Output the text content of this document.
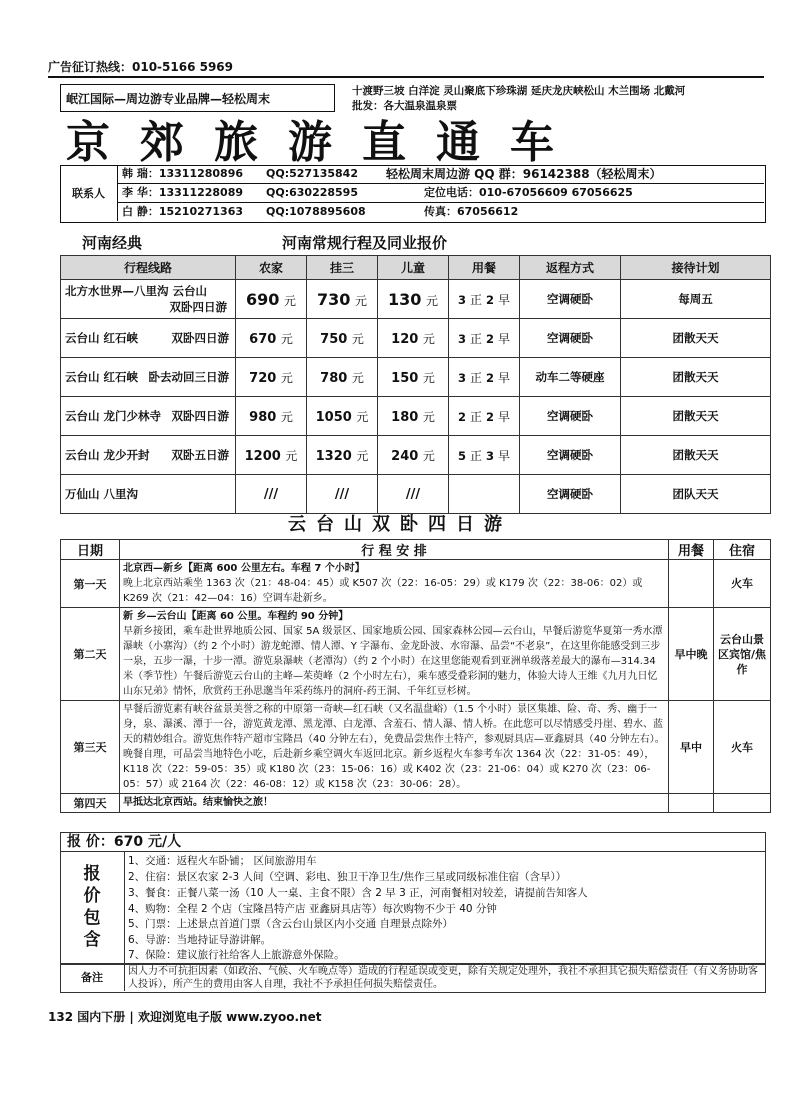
广告征订热线：010-5166 5969
岷江国际—周边游专业品牌—轻松周末
十渡野三坡 白洋淀 灵山聚底下珍珠湖 延庆龙庆峡松山 木兰围场 北戴河
批发：各大温泉温泉票
京郊旅游直通车
联系人
韩 瑞：13311280896 QQ:527135842 轻松周末周边游 QQ 群：96142388（轻松周末）
李 华：13311228089 QQ:630228595	定位电话：010-67056609 67056625
白 静：15210271363 QQ:1078895608	传真：67056612
河南经典	河南常规行程及同业报价
行程线路	农家	挂三	儿童	用餐	返程方式	接待计划

北方水世界—八里沟 云台山
双卧四日游	690 元	730 元	130 元	3 正 2 早	空调硬卧	每周五
云台山 红石峡 双卧四日游	670 元	750 元	120 元	3 正 2 早	空调硬卧	团散天天
云台山 红石峡 卧去动回三日游	720 元	780 元	150 元	3 正 2 早	动车二等硬座	团散天天
云台山 龙门少林寺 双卧四日游	980 元	1050 元	180 元	2 正 2 早	空调硬卧	团散天天
云台山 龙少开封 双卧五日游	1200 元	1320 元	240 元	5 正 3 早	空调硬卧	团散天天
万仙山 八里沟	///	///	///		空调硬卧	团队天天
云台山双卧四日游
日期	行 程 安 排	用餐	住宿
第一天	北京西—新乡【距离 600 公里左右。车程 7 个小时】
晚上北京西站乘坐 1363 次（21：48-04：45）或 K507 次（22：16-05：29）或 K179 次（22：38-06：02）或 K269 次（21：42—04：16）空调车赴新乡。		火车
第二天	新 乡—云台山【距离 60 公里。车程约 90 分钟】
早新乡接团，乘车赴世界地质公园、国家 5A 级景区、国家地质公园、国家森林公园—云台山，早餐后游览华夏第一秀水潭瀑峡（小寨沟）（约 2 个小时）游龙蛇潭、情人潭、Y 字瀑布、金龙卧波、水帘瀑、品尝“不老泉”，在这里你能感受到三步一泉，五步一瀑，十步一潭。游览泉瀑峡（老潭沟）（约 2 个小时）在这里您能观看到亚洲单级落差最大的瀑布—314.34 米（季节性）午餐后游览云台山的主峰—茱萸峰（2 个小时左右），乘车感受叠彩洞的魅力，体验大诗人王维《九月九日忆山东兄弟》情怀，欣赏药王孙思邈当年采药练丹的洞府-药王洞、千年红豆杉树。	早中晚	云台山景区宾馆/焦作
第三天	早餐后游览素有峡谷盆景美誉之称的中原第一奇峡—红石峡（又名温盘峪）（1.5 个小时）景区集雄、险、奇、秀、幽于一身，泉、瀑溪、潭于一谷，游览黄龙潭、黑龙潭、白龙潭、含羞石、情人瀑、情人桥。在此您可以尽情感受丹崖、碧水、蓝天的精妙组合。游览焦作特产超市宝隆昌（40 分钟左右），免费品尝焦作土特产，参观厨具店—亚鑫厨具（40 分钟左右）。晚餐自理，可品尝当地特色小吃，后赴新乡乘空调火车返回北京。新乡返程火车参考车次 1364 次（22：31-05：49），K118 次（22：59-05：35）或 K180 次（23：15-06：16）或 K402 次（23：21-06：04）或 K270 次（23：06-05：57）或 2164 次（22：46-08：12）或 K158 次（23：30-06：28）。	早中	火车
第四天	早抵达北京西站。结束愉快之旅！		

报 价：670 元/人
报
价
包
含
1、交通：返程火车卧铺； 区间旅游用车
2、住宿：景区农家 2-3 人间（空调、彩电、独卫干净卫生/焦作三星或同级标准住宿（含早））
3、餐食：正餐八菜一汤（10 人一桌、主食不限）含 2 早 3 正，河南餐相对较差，请提前告知客人
4、购物：全程 2 个店（宝隆昌特产店 亚鑫厨具店等）每次购物不少于 40 分钟
5、门票：上述景点首道门票（含云台山景区内小交通 自理景点除外）
6、导游：当地持证导游讲解。
7、保险：建议旅行社给客人上旅游意外保险。
备注	因人力不可抗拒因素（如政治、气候、火车晚点等）造成的行程延误或变更，除有关规定处理外，我社不承担其它损失赔偿责任（有义务协助客人投诉），所产生的费用由客人自理，我社不予承担任何损失赔偿责任。
132 国内下册 | 欢迎浏览电子版 www.zyoo.net
